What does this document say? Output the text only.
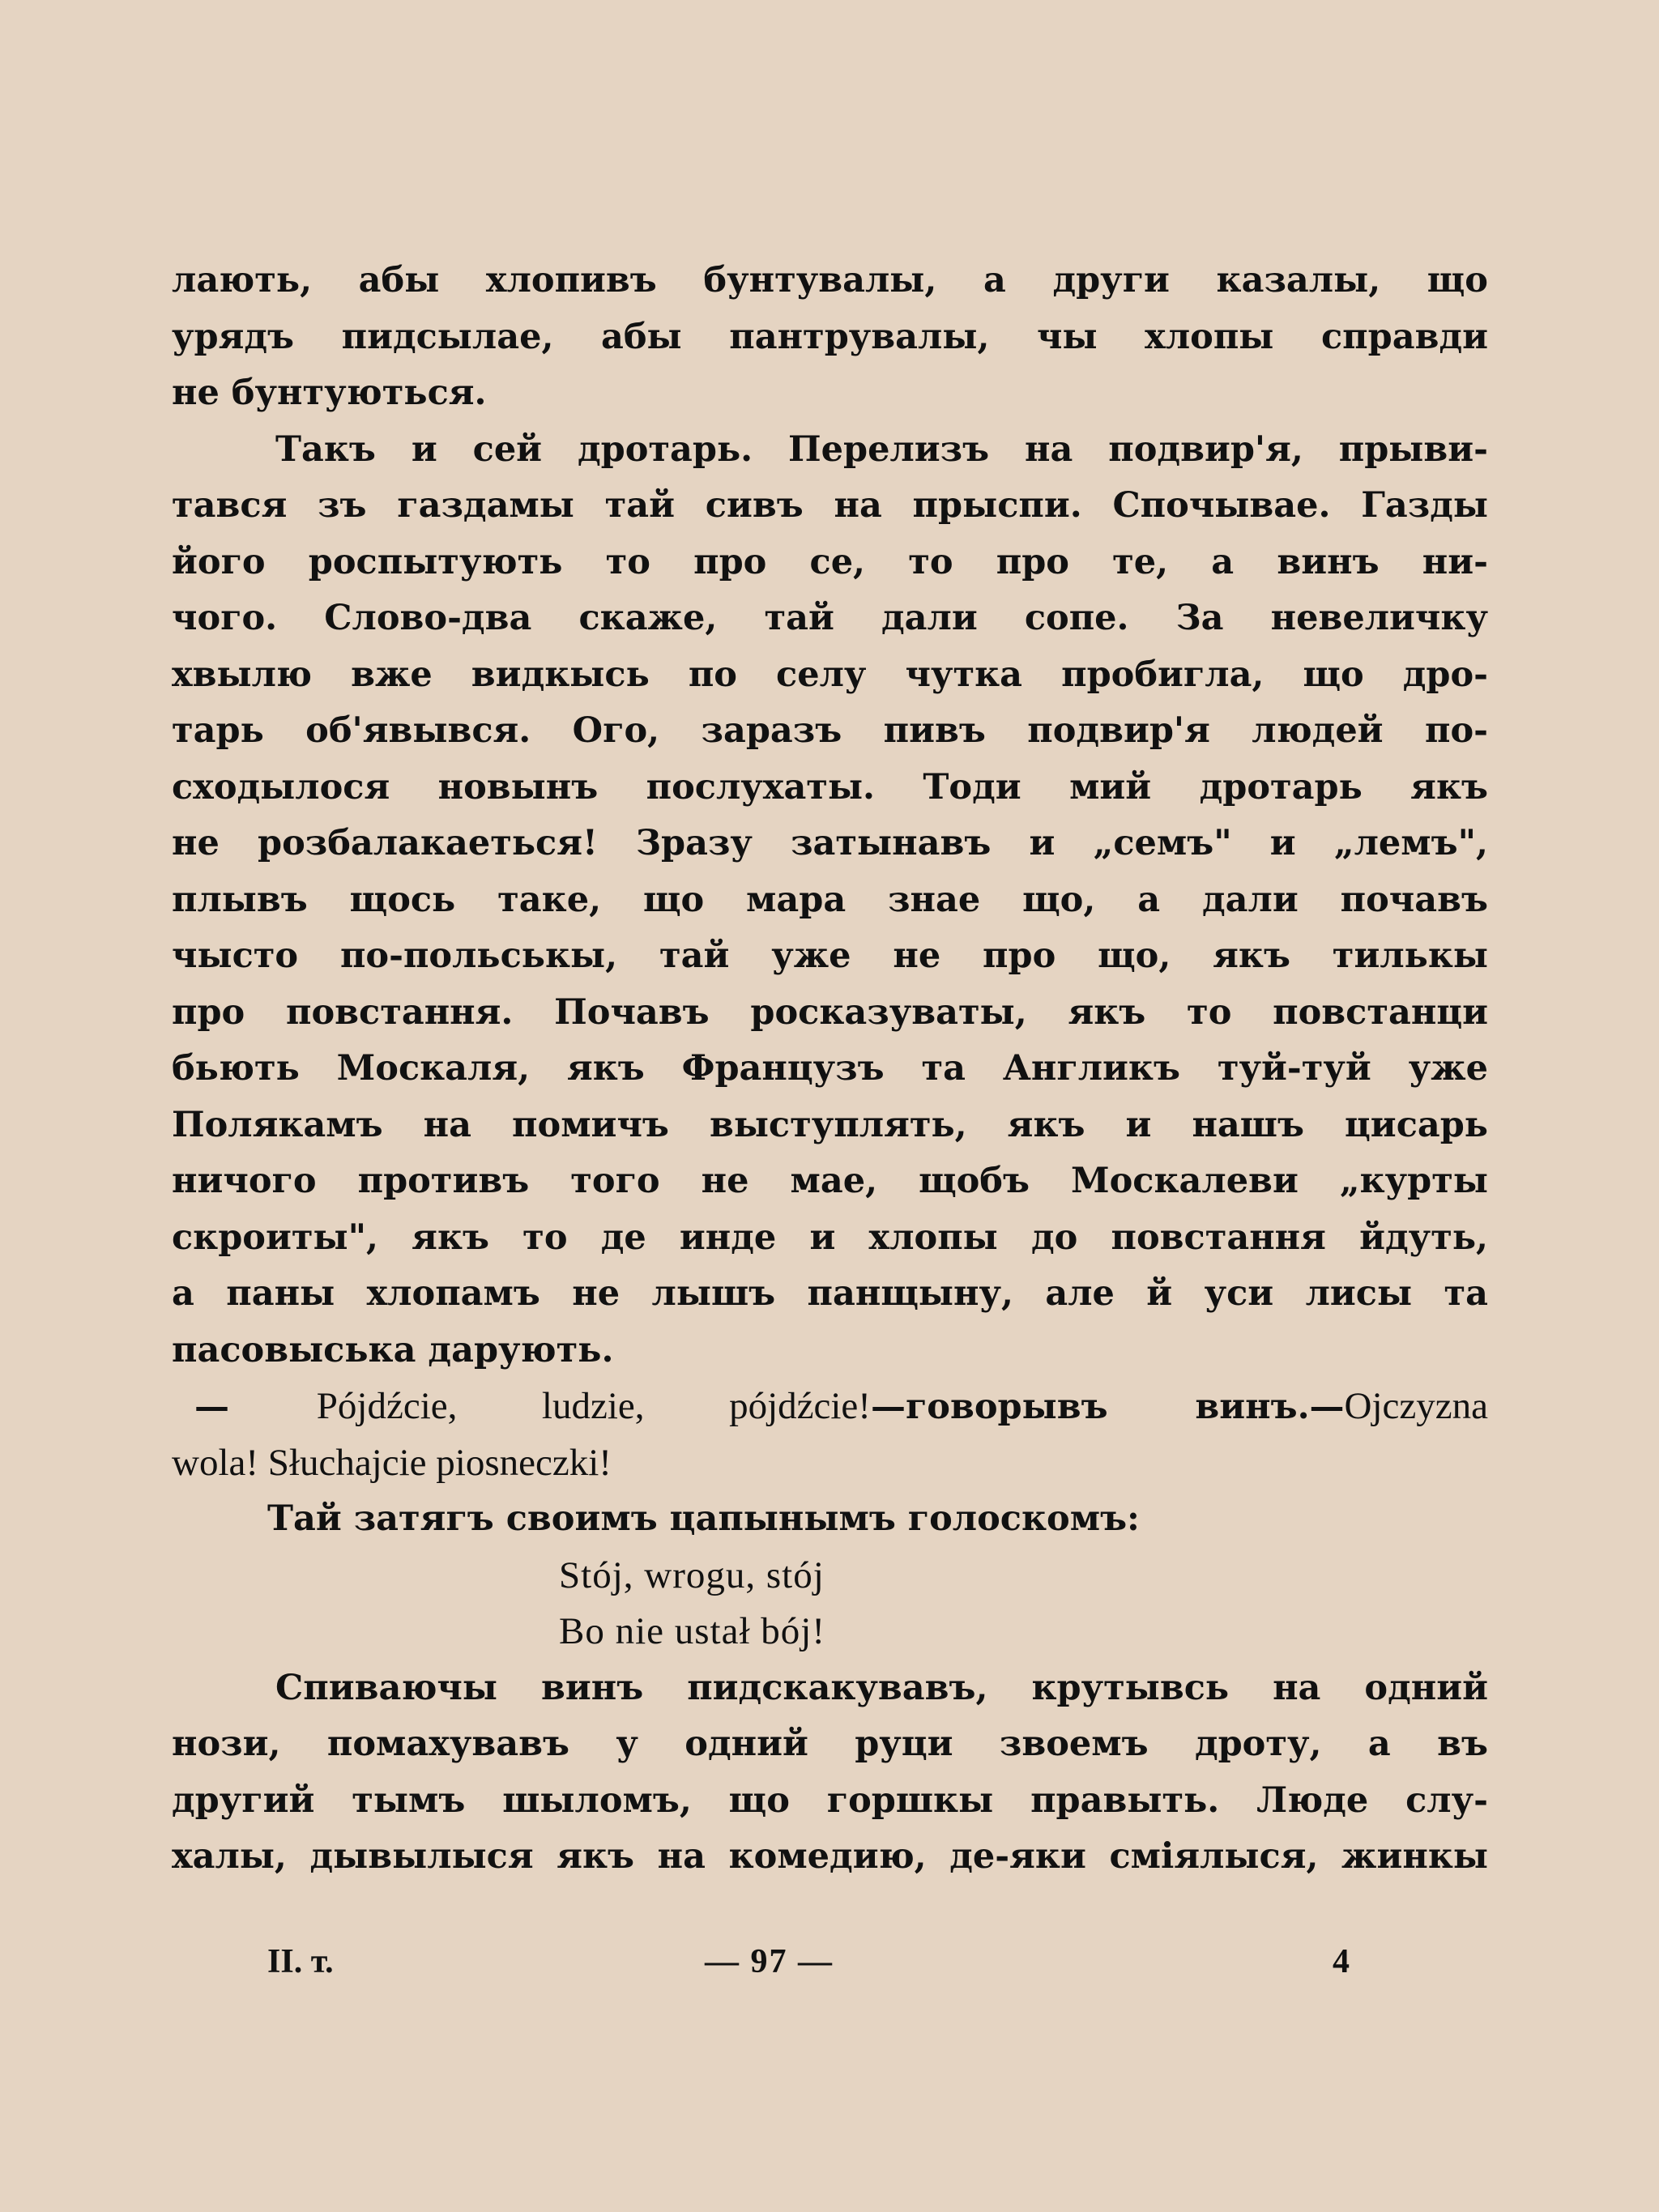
лають, абы хлопивъ бунтувалы, а други казалы, що
урядъ пидсылае, абы пантрувалы, чы хлопы справди
не бунтуються.
Такъ и сей дротарь. Перелизъ на подвир'я, прыви-
тався зъ газдамы тай сивъ на прыспи. Спочывае. Газды
його роспытують то про се, то про те, а винъ ни-
чого. Слово-два скаже, тай дали сопе. За невеличку
хвылю вже видкысь по селу чутка пробигла, що дро-
тарь об'явывся. Ого, заразъ пивъ подвир'я людей по-
сходылося новынъ послухаты. Тоди мий дротарь якъ
не розбалакаеться! Зразу затынавъ и „семъ" и „лемъ",
плывъ щось таке, що мара знае що, а дали почавъ
чысто по-польськы, тай уже не про що, якъ тилькы
про повстання. Почавъ росказуваты, якъ то повстанци
бьють Москаля, якъ Французъ та Англикъ туй-туй уже
Полякамъ на помичъ выступлять, якъ и нашъ цисарь
ничого противъ того не мае, щобъ Москалеви „курты
скроиты", якъ то де инде и хлопы до повстання йдуть,
а паны хлопамъ не лышъ панщыну, але й уси лисы та
пасовыська дарують.
— Pójdźcie, ludzie, pójdźcie!—говорывъ винъ.—Ojczyzna
wola! Słuchajcie piosneczki!
Тай затягъ своимъ цапынымъ голоскомъ:
Stój, wrogu, stój
Bo nie ustał bój!
Спиваючы винъ пидскакувавъ, крутывсь на одний
нози, помахувавъ у одний руци звоемъ дроту, а въ
другий тымъ шыломъ, що горшкы правыть. Люде слу-
халы, дывылыся якъ на комедию, де-яки сміялыся, жинкы
II. т.	— 97 —	4
